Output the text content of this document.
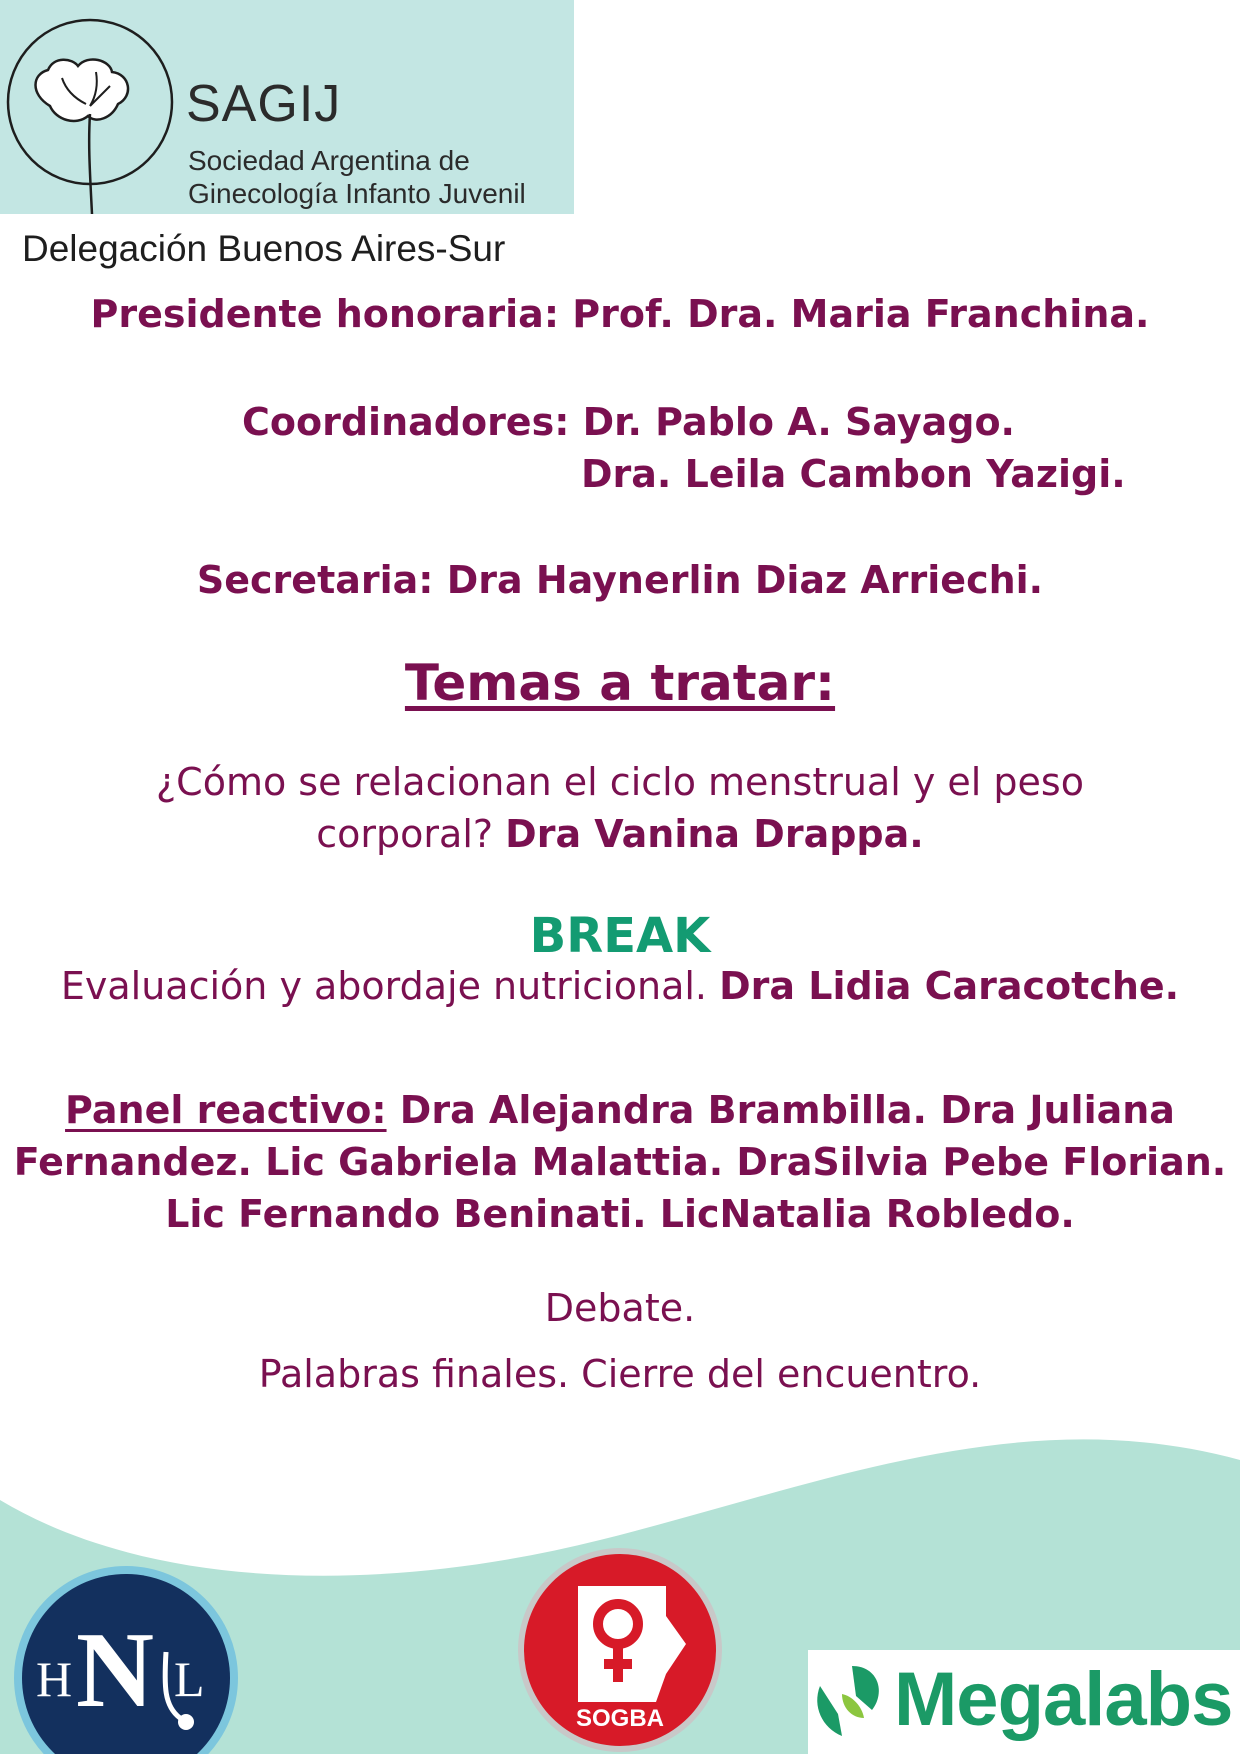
SAGIJ
Sociedad Argentina de
Ginecología Infanto Juvenil
Delegación Buenos Aires-Sur
Presidente honoraria: Prof. Dra. Maria Franchina.
Coordinadores: Dr. Pablo A. Sayago.
Dra. Leila Cambon Yazigi.
Secretaria: Dra Haynerlin Diaz Arriechi.
Temas a tratar:
¿Cómo se relacionan el ciclo menstrual y el peso
corporal? Dra Vanina Drappa.
BREAK
Evaluación y abordaje nutricional. Dra Lidia Caracotche.
Panel reactivo: Dra Alejandra Brambilla. Dra Juliana
Fernandez. Lic Gabriela Malattia. DraSilvia Pebe Florian.
Lic Fernando Beninati. LicNatalia Robledo.
Debate.
Palabras finales. Cierre del encuentro.
H N L
SOGBA	Megalabs
